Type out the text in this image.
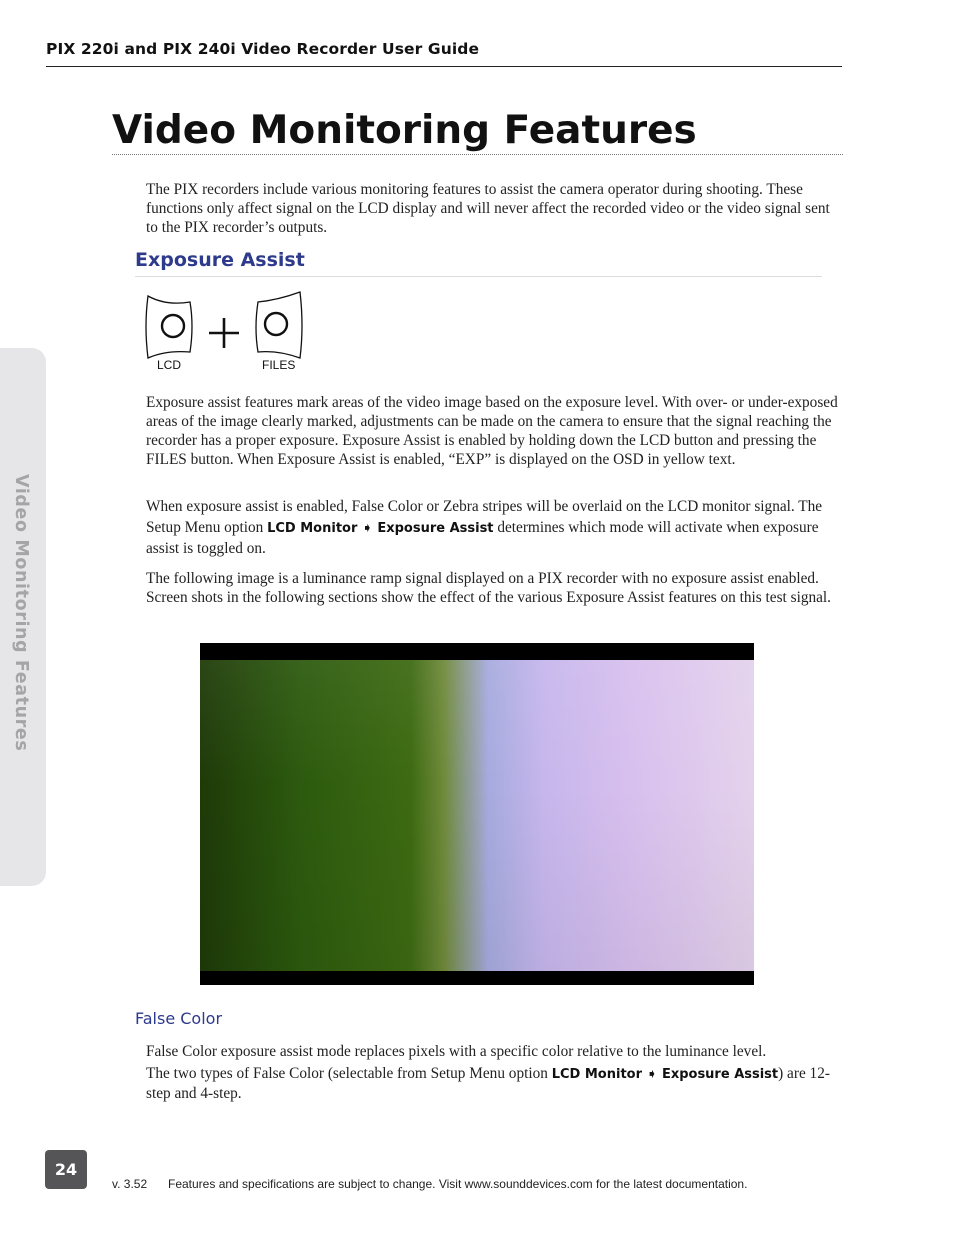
PIX 220i and PIX 240i Video Recorder User Guide
Video Monitoring Features
Video Monitoring Features

The PIX recorders include various monitoring features to assist the camera operator during shooting. These functions only affect signal on the LCD display and will never affect the recorded video or the video signal sent to the PIX recorder’s outputs.

Exposure Assist
LCD	FILES

Exposure assist features mark areas of the video image based on the exposure level. With over- or under-exposed areas of the image clearly marked, adjustments can be made on the camera to ensure that the signal reaching the recorder has a proper exposure. Exposure Assist is enabled by holding down the LCD button and pressing the FILES button. When Exposure Assist is enabled, “EXP” is displayed on the OSD in yellow text.

When exposure assist is enabled, False Color or Zebra stripes will be overlaid on the LCD monitor signal. The Setup Menu option LCD Monitor ➧ Exposure Assist determines which mode will activate when exposure assist is toggled on.

The following image is a luminance ramp signal displayed on a PIX recorder with no exposure assist enabled. Screen shots in the following sections show the effect of the various Exposure Assist features on this test signal.

False Color

False Color exposure assist mode replaces pixels with a specific color relative to the luminance level.

The two types of False Color (selectable from Setup Menu option LCD Monitor ➧ Exposure Assist) are 12-step and 4-step.

24
v. 3.52 Features and specifications are subject to change. Visit www.sounddevices.com for the latest documentation.
